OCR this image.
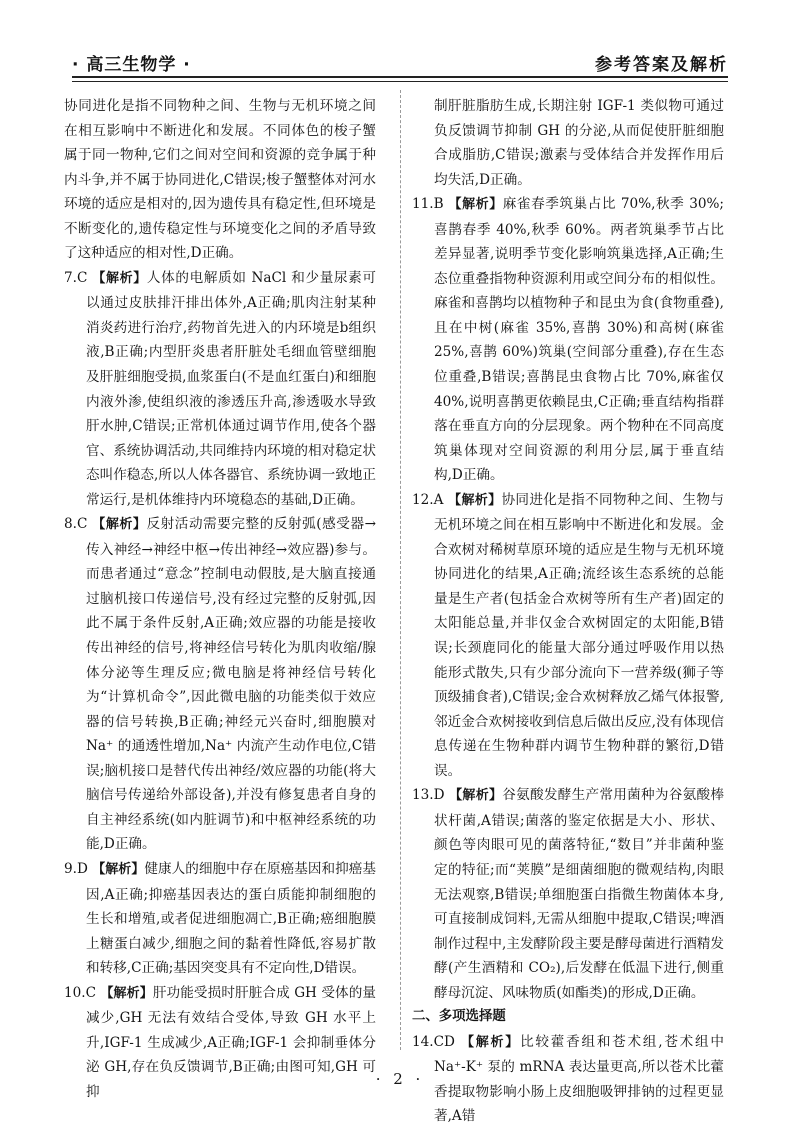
· 高三生物学 ·	参考答案及解析

协同进化是指不同物种之间、生物与无机环境之间在相互影响中不断进化和发展。不同体色的梭子蟹属于同一物种,它们之间对空间和资源的竞争属于种内斗争,并不属于协同进化,C错误;梭子蟹整体对河水环境的适应是相对的,因为遗传具有稳定性,但环境是不断变化的,遗传稳定性与环境变化之间的矛盾导致了这种适应的相对性,D正确。

7.C 【解析】人体的电解质如 NaCl 和少量尿素可以通过皮肤排汗排出体外,A正确;肌肉注射某种消炎药进行治疗,药物首先进入的内环境是b组织液,B正确;内型肝炎患者肝脏处毛细血管壁细胞及肝脏细胞受损,血浆蛋白(不是血红蛋白)和细胞内液外渗,使组织液的渗透压升高,渗透吸水导致肝水肿,C错误;正常机体通过调节作用,使各个器官、系统协调活动,共同维持内环境的相对稳定状态叫作稳态,所以人体各器官、系统协调一致地正常运行,是机体维持内环境稳态的基础,D正确。

8.C 【解析】反射活动需要完整的反射弧(感受器→传入神经→神经中枢→传出神经→效应器)参与。而患者通过“意念”控制电动假肢,是大脑直接通过脑机接口传递信号,没有经过完整的反射弧,因此不属于条件反射,A正确;效应器的功能是接收传出神经的信号,将神经信号转化为肌肉收缩/腺体分泌等生理反应;微电脑是将神经信号转化为“计算机命令”,因此微电脑的功能类似于效应器的信号转换,B正确;神经元兴奋时,细胞膜对 Na⁺ 的通透性增加,Na⁺ 内流产生动作电位,C错误;脑机接口是替代传出神经/效应器的功能(将大脑信号传递给外部设备),并没有修复患者自身的自主神经系统(如内脏调节)和中枢神经系统的功能,D正确。

9.D 【解析】健康人的细胞中存在原癌基因和抑癌基因,A正确;抑癌基因表达的蛋白质能抑制细胞的生长和增殖,或者促进细胞凋亡,B正确;癌细胞膜上糖蛋白减少,细胞之间的黏着性降低,容易扩散和转移,C正确;基因突变具有不定向性,D错误。

10.C 【解析】肝功能受损时肝脏合成 GH 受体的量减少,GH 无法有效结合受体,导致 GH 水平上升,IGF-1 生成减少,A正确;IGF-1 会抑制垂体分泌 GH,存在负反馈调节,B正确;由图可知,GH 可抑

制肝脏脂肪生成,长期注射 IGF-1 类似物可通过负反馈调节抑制 GH 的分泌,从而促使肝脏细胞合成脂肪,C错误;激素与受体结合并发挥作用后均失活,D正确。

11.B 【解析】麻雀春季筑巢占比 70%,秋季 30%;喜鹊春季 40%,秋季 60%。两者筑巢季节占比差异显著,说明季节变化影响筑巢选择,A正确;生态位重叠指物种资源利用或空间分布的相似性。麻雀和喜鹊均以植物种子和昆虫为食(食物重叠),且在中树(麻雀 35%,喜鹊 30%)和高树(麻雀 25%,喜鹊 60%)筑巢(空间部分重叠),存在生态位重叠,B错误;喜鹊昆虫食物占比 70%,麻雀仅 40%,说明喜鹊更依赖昆虫,C正确;垂直结构指群落在垂直方向的分层现象。两个物种在不同高度筑巢体现对空间资源的利用分层,属于垂直结构,D正确。

12.A 【解析】协同进化是指不同物种之间、生物与无机环境之间在相互影响中不断进化和发展。金合欢树对稀树草原环境的适应是生物与无机环境协同进化的结果,A正确;流经该生态系统的总能量是生产者(包括金合欢树等所有生产者)固定的太阳能总量,并非仅金合欢树固定的太阳能,B错误;长颈鹿同化的能量大部分通过呼吸作用以热能形式散失,只有少部分流向下一营养级(狮子等顶级捕食者),C错误;金合欢树释放乙烯气体报警,邻近金合欢树接收到信息后做出反应,没有体现信息传递在生物种群内调节生物种群的繁衍,D错误。

13.D 【解析】谷氨酸发酵生产常用菌种为谷氨酸棒状杆菌,A错误;菌落的鉴定依据是大小、形状、颜色等肉眼可见的菌落特征,“数目”并非菌种鉴定的特征;而“荚膜”是细菌细胞的微观结构,肉眼无法观察,B错误;单细胞蛋白指微生物菌体本身,可直接制成饲料,无需从细胞中提取,C错误;啤酒制作过程中,主发酵阶段主要是酵母菌进行酒精发酵(产生酒精和 CO₂),后发酵在低温下进行,侧重酵母沉淀、风味物质(如酯类)的形成,D正确。

二、多项选择题

14.CD 【解析】比较藿香组和苍术组,苍术组中 Na⁺-K⁺ 泵的 mRNA 表达量更高,所以苍术比藿香提取物影响小肠上皮细胞吸钾排钠的过程更显著,A错

· 2 ·
